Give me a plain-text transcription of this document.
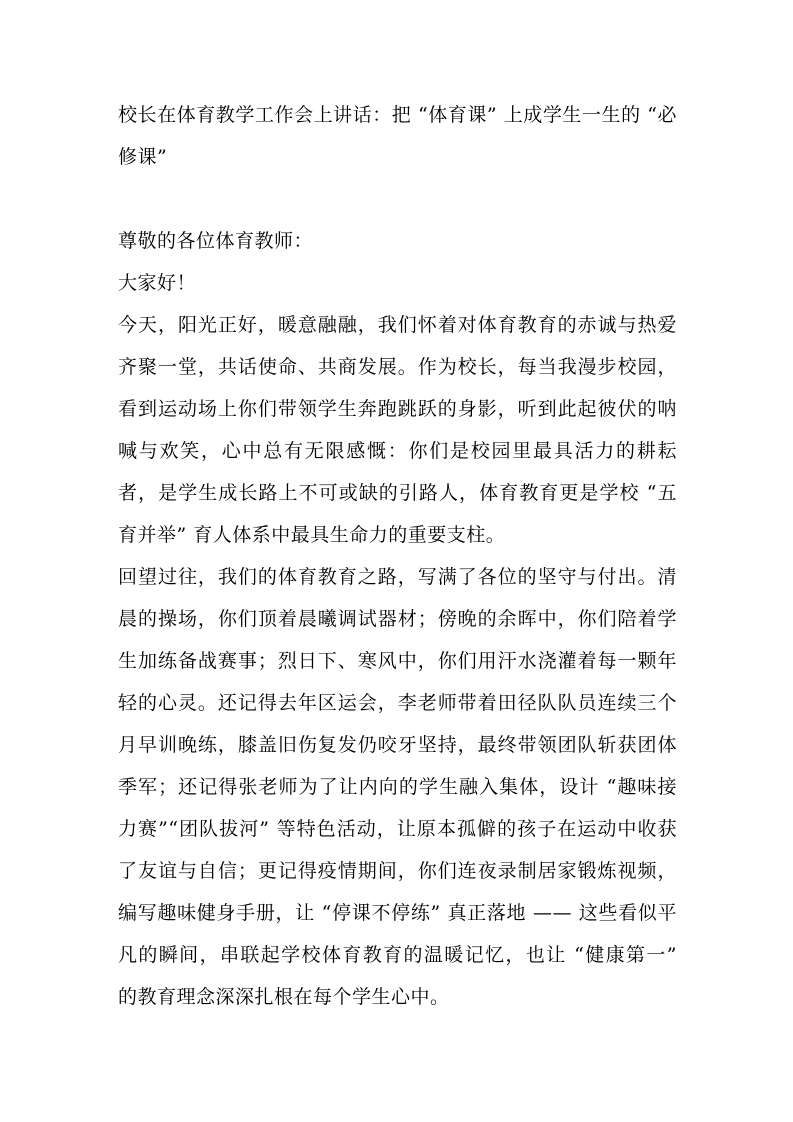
校长在体育教学工作会上讲话：把 “体育课” 上成学生一生的 “必修课”

尊敬的各位体育教师：

大家好！

今天，阳光正好，暖意融融，我们怀着对体育教育的赤诚与热爱齐聚一堂，共话使命、共商发展。作为校长，每当我漫步校园，看到运动场上你们带领学生奔跑跳跃的身影，听到此起彼伏的呐喊与欢笑，心中总有无限感慨：你们是校园里最具活力的耕耘者，是学生成长路上不可或缺的引路人，体育教育更是学校 “五育并举” 育人体系中最具生命力的重要支柱。

回望过往，我们的体育教育之路，写满了各位的坚守与付出。清晨的操场，你们顶着晨曦调试器材；傍晚的余晖中，你们陪着学生加练备战赛事；烈日下、寒风中，你们用汗水浇灌着每一颗年轻的心灵。还记得去年区运会，李老师带着田径队队员连续三个月早训晚练，膝盖旧伤复发仍咬牙坚持，最终带领团队斩获团体季军；还记得张老师为了让内向的学生融入集体，设计 “趣味接力赛”“团队拔河” 等特色活动，让原本孤僻的孩子在运动中收获了友谊与自信；更记得疫情期间，你们连夜录制居家锻炼视频，编写趣味健身手册，让 “停课不停练” 真正落地 —— 这些看似平凡的瞬间，串联起学校体育教育的温暖记忆，也让 “健康第一” 的教育理念深深扎根在每个学生心中。
